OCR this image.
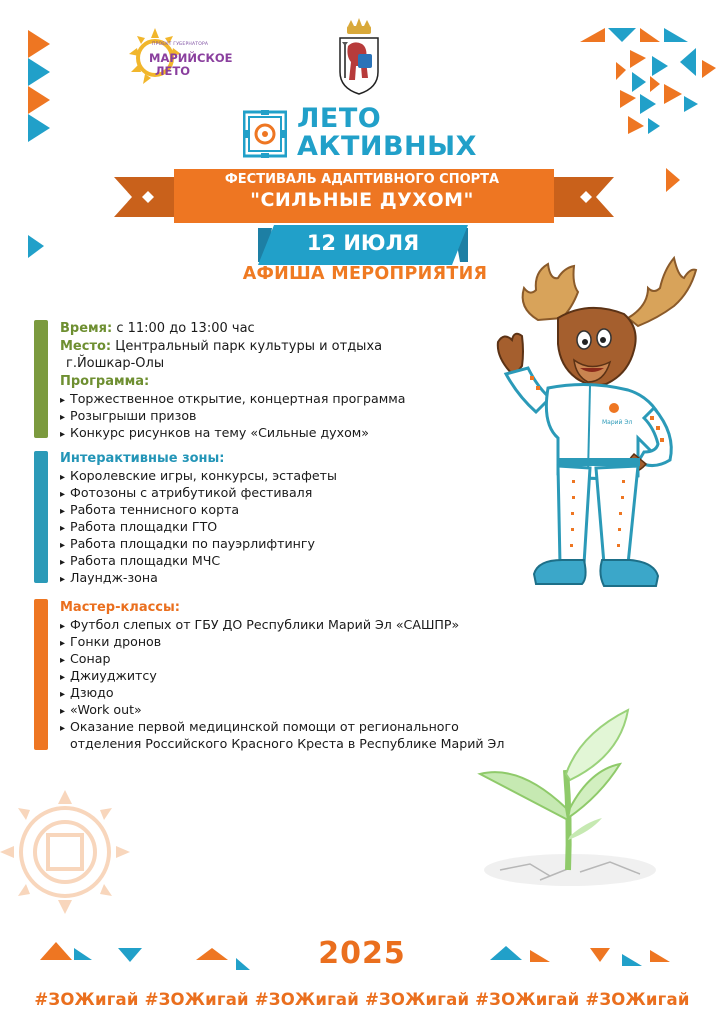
ПРОЕКТ ГУБЕРНАТОРА
МАРИЙСКОЕ
ЛЕТО
ЛЕТО
АКТИВНЫХ
ФЕСТИВАЛЬ АДАПТИВНОГО СПОРТА
"СИЛЬНЫЕ ДУХОМ"
12 ИЮЛЯ
АФИША МЕРОПРИЯТИЯ
Время: с 11:00 до 13:00 час
Место: Центральный парк культуры и отдыха
г.Йошкар-Олы
Программа:
▸ Торжественное открытие, концертная программа
▸ Розыгрыши призов
▸ Конкурс рисунков на тему «Сильные духом»
Интерактивные зоны:
▸ Королевские игры, конкурсы, эстафеты
▸ Фотозоны с атрибутикой фестиваля
▸ Работа теннисного корта
▸ Работа площадки ГТО
▸ Работа площадки по пауэрлифтингу
▸ Работа площадки МЧС
▸ Лаундж-зона
Мастер-классы:
▸ Футбол слепых от ГБУ ДО Республики Марий Эл «САШПР»
▸ Гонки дронов
▸ Сонар
▸ Джиуджитсу
▸ Дзюдо
▸ «Work out»
▸ Оказание первой медицинской помощи от регионального
отделения Российского Красного Креста в Республике Марий Эл
Марий Эл
2025
#ЗОЖигай #ЗОЖигай #ЗОЖигай #ЗОЖигай #ЗОЖигай #ЗОЖигай
